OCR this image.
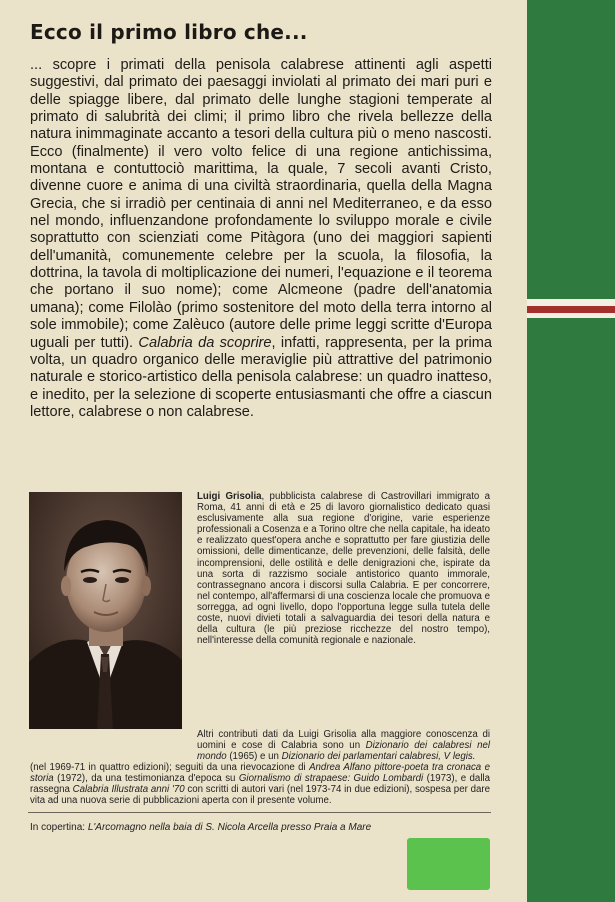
Ecco il primo libro che...
... scopre i primati della penisola calabrese attinenti agli aspetti suggestivi, dal primato dei paesaggi inviolati al primato dei mari puri e delle spiagge libere, dal primato delle lunghe stagioni temperate al primato di salubrità dei climi; il primo libro che rivela bellezze della natura inimmaginate accanto a tesori della cultura più o meno nascosti. Ecco (finalmente) il vero volto felice di una regione antichissima, montana e contuttociò marittima, la quale, 7 secoli avanti Cristo, divenne cuore e anima di una civiltà straordinaria, quella della Magna Grecia, che si irradiò per centinaia di anni nel Mediterraneo, e da esso nel mondo, influenzandone profondamente lo sviluppo morale e civile soprattutto con scienziati come Pitàgora (uno dei maggiori sapienti dell'umanità, comunemente celebre per la scuola, la filosofia, la dottrina, la tavola di moltiplicazione dei numeri, l'equazione e il teorema che portano il suo nome); come Alcmeone (padre dell'anatomia umana); come Filolào (primo sostenitore del moto della terra intorno al sole immobile); come Zalèuco (autore delle prime leggi scritte d'Europa uguali per tutti). Calabria da scoprire, infatti, rappresenta, per la prima volta, un quadro organico delle meraviglie più attrattive del patrimonio naturale e storico-artistico della penisola calabrese: un quadro inatteso, e inedito, per la selezione di scoperte entusiasmanti che offre a ciascun lettore, calabrese o non calabrese.
Luigi Grisolia, pubblicista calabrese di Castrovillari immigrato a Roma, 41 anni di età e 25 di lavoro giornalistico dedicato quasi esclusivamente alla sua regione d'origine, varie esperienze professionali a Cosenza e a Torino oltre che nella capitale, ha ideato e realizzato quest'opera anche e soprattutto per fare giustizia delle omissioni, delle dimenticanze, delle prevenzioni, delle falsità, delle incomprensioni, delle ostilità e delle denigrazioni che, ispirate da una sorta di razzismo sociale antistorico quanto immorale, contrassegnano ancora i discorsi sulla Calabria. E per concorrere, nel contempo, all'affermarsi di una coscienza locale che promuova e sorregga, ad ogni livello, dopo l'opportuna legge sulla tutela delle coste, nuovi divieti totali a salvaguardia dei tesori della natura e della cultura (le più preziose ricchezze del nostro tempo), nell'interesse della comunità regionale e nazionale.
Altri contributi dati da Luigi Grisolia alla maggiore conoscenza di uomini e cose di Calabria sono un Dizionario dei calabresi nel mondo (1965) e un Dizionario dei parlamentari calabresi, V legis.
(nel 1969-71 in quattro edizioni); seguiti da una rievocazione di Andrea Alfano pittore-poeta tra cronaca e storia (1972), da una testimonianza d'epoca su Giornalismo di strapaese: Guido Lombardi (1973), e dalla rassegna Calabria Illustrata anni '70 con scritti di autori vari (nel 1973-74 in due edizioni), sospesa per dare vita ad una nuova serie di pubblicazioni aperta con il presente volume.
In copertina: L'Arcomagno nella baia di S. Nicola Arcella presso Praia a Mare
